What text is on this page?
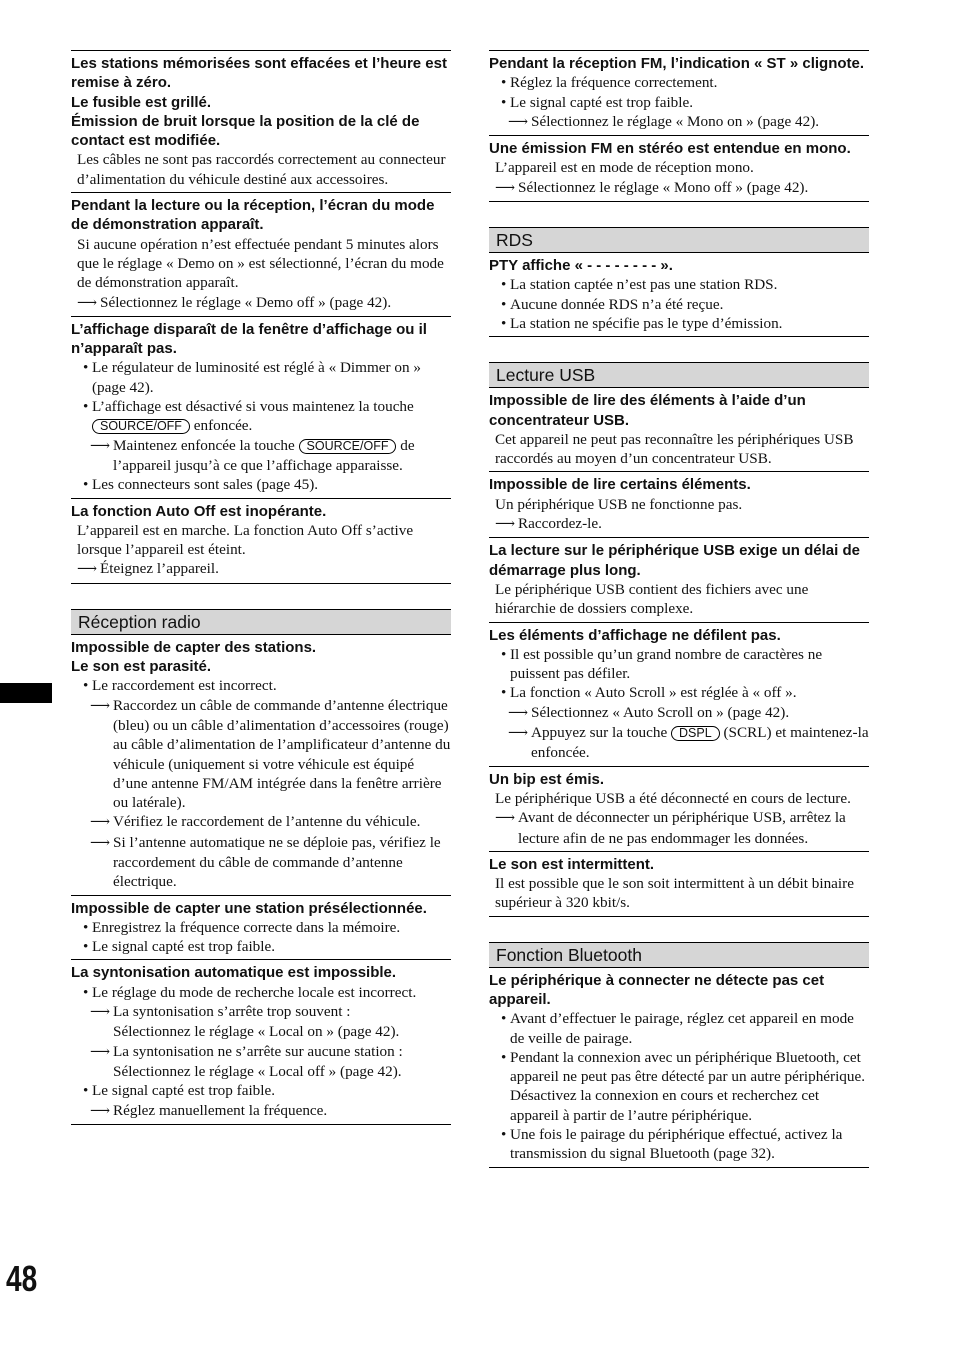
Les stations mémorisées sont effacées et l’heure est remise à zéro.
Le fusible est grillé.
Émission de bruit lorsque la position de la clé de contact est modifiée.
Les câbles ne sont pas raccordés correctement au connecteur d’alimentation du véhicule destiné aux accessoires.
Pendant la lecture ou la réception, l’écran du mode de démonstration apparaît.
Si aucune opération n’est effectuée pendant 5 minutes alors que le réglage « Demo on » est sélectionné, l’écran du mode de démonstration apparaît.
⟶ Sélectionnez le réglage « Demo off » (page 42).
L’affichage disparaît de la fenêtre d’affichage ou il n’apparaît pas.
• Le régulateur de luminosité est réglé à « Dimmer on » (page 42).
• L’affichage est désactivé si vous maintenez la touche
SOURCE/OFF enfoncée.
⟶ Maintenez enfoncée la touche SOURCE/OFF de l’appareil jusqu’à ce que l’affichage apparaisse.
• Les connecteurs sont sales (page 45).
La fonction Auto Off est inopérante.
L’appareil est en marche. La fonction Auto Off s’active lorsque l’appareil est éteint.
⟶ Éteignez l’appareil.
Réception radio
Impossible de capter des stations.
Le son est parasité.
• Le raccordement est incorrect.
⟶ Raccordez un câble de commande d’antenne électrique (bleu) ou un câble d’alimentation d’accessoires (rouge) au câble d’alimentation de l’amplificateur d’antenne du véhicule (uniquement si votre véhicule est équipé d’une antenne FM/AM intégrée dans la fenêtre arrière ou latérale).
⟶ Vérifiez le raccordement de l’antenne du véhicule.
⟶ Si l’antenne automatique ne se déploie pas, vérifiez le raccordement du câble de commande d’antenne électrique.
Impossible de capter une station présélectionnée.
• Enregistrez la fréquence correcte dans la mémoire.
• Le signal capté est trop faible.
La syntonisation automatique est impossible.
• Le réglage du mode de recherche locale est incorrect.
⟶ La syntonisation s’arrête trop souvent :
Sélectionnez le réglage « Local on » (page 42).
⟶ La syntonisation ne s’arrête sur aucune station :
Sélectionnez le réglage « Local off » (page 42).
• Le signal capté est trop faible.
⟶ Réglez manuellement la fréquence.
Pendant la réception FM, l’indication « ST » clignote.
• Réglez la fréquence correctement.
• Le signal capté est trop faible.
⟶ Sélectionnez le réglage « Mono on » (page 42).
Une émission FM en stéréo est entendue en mono.
L’appareil est en mode de réception mono.
⟶ Sélectionnez le réglage « Mono off » (page 42).
RDS
PTY affiche « - - - - - - - - ».
• La station captée n’est pas une station RDS.
• Aucune donnée RDS n’a été reçue.
• La station ne spécifie pas le type d’émission.
Lecture USB
Impossible de lire des éléments à l’aide d’un concentrateur USB.
Cet appareil ne peut pas reconnaître les périphériques USB raccordés au moyen d’un concentrateur USB.
Impossible de lire certains éléments.
Un périphérique USB ne fonctionne pas.
⟶ Raccordez-le.
La lecture sur le périphérique USB exige un délai de démarrage plus long.
Le périphérique USB contient des fichiers avec une hiérarchie de dossiers complexe.
Les éléments d’affichage ne défilent pas.
• Il est possible qu’un grand nombre de caractères ne puissent pas défiler.
• La fonction « Auto Scroll » est réglée à « off ».
⟶ Sélectionnez « Auto Scroll on » (page 42).
⟶ Appuyez sur la touche DSPL (SCRL) et maintenez-la enfoncée.
Un bip est émis.
Le périphérique USB a été déconnecté en cours de lecture.
⟶ Avant de déconnecter un périphérique USB, arrêtez la lecture afin de ne pas endommager les données.
Le son est intermittent.
Il est possible que le son soit intermittent à un débit binaire supérieur à 320 kbit/s.
Fonction Bluetooth
Le périphérique à connecter ne détecte pas cet appareil.
• Avant d’effectuer le pairage, réglez cet appareil en mode de veille de pairage.
• Pendant la connexion avec un périphérique Bluetooth, cet appareil ne peut pas être détecté par un autre périphérique. Désactivez la connexion en cours et recherchez cet appareil à partir de l’autre périphérique.
• Une fois le pairage du périphérique effectué, activez la transmission du signal Bluetooth (page 32).
48
